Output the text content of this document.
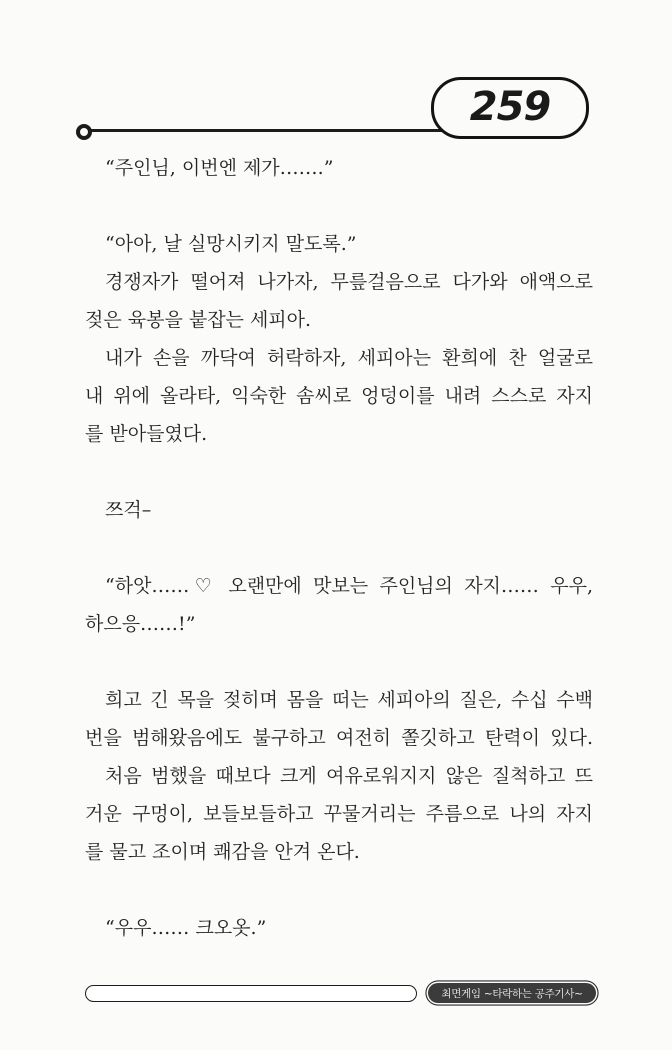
259
“주인님, 이번엔 제가…….”
“아아, 날 실망시키지 말도록.”
경쟁자가 떨어져 나가자, 무릎걸음으로 다가와 애액으로
젖은 육봉을 붙잡는 세피아.
내가 손을 까닥여 허락하자, 세피아는 환희에 찬 얼굴로
내 위에 올라타, 익숙한 솜씨로 엉덩이를 내려 스스로 자지
를 받아들였다.
쯔걱–
“하앗……♡ 오랜만에 맛보는 주인님의 자지…… 우우,
하으응……!”
희고 긴 목을 젖히며 몸을 떠는 세피아의 질은, 수십 수백
번을 범해왔음에도 불구하고 여전히 쫄깃하고 탄력이 있다.
처음 범했을 때보다 크게 여유로워지지 않은 질척하고 뜨
거운 구멍이, 보들보들하고 꾸물거리는 주름으로 나의 자지
를 물고 조이며 쾌감을 안겨 온다.
“우우…… 크오옷.”
최면게임 ~타락하는 공주기사~
